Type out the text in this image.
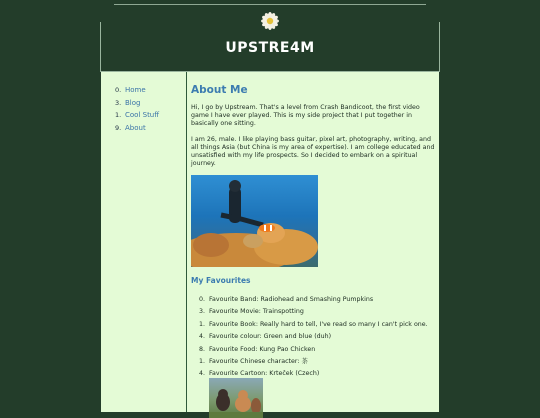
UPSTRE4M
0. Home
3. Blog
1. Cool Stuff
9. About
About Me

Hi, I go by Upstream. That's a level from Crash Bandicoot, the first video game I have ever played. This is my side project that I put together in basically one sitting.

I am 26, male. I like playing bass guitar, pixel art, photography, writing, and all things Asia (but China is my area of expertise). I am college educated and unsatisfied with my life prospects. So I decided to embark on a spiritual journey.

My Favourites
0. Favourite Band: Radiohead and Smashing Pumpkins
3. Favourite Movie: Trainspotting
1. Favourite Book: Really hard to tell, I've read so many I can't pick one.
4. Favourite colour: Green and blue (duh)
8. Favourite Food: Kung Pao Chicken
1. Favourite Chinese character: 茶
4. Favourite Cartoon: Krteček (Czech)
